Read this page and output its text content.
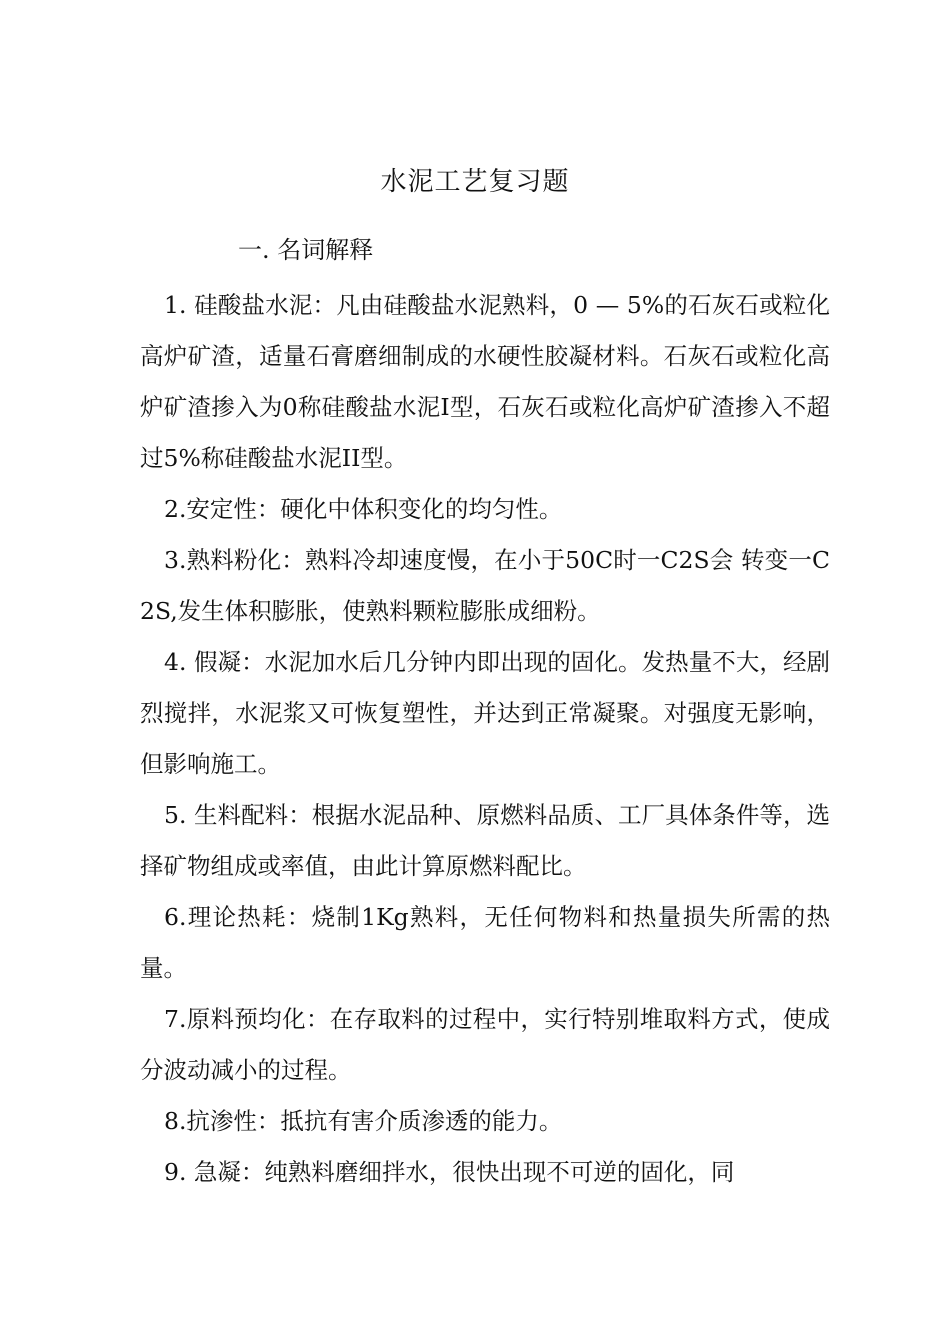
水泥工艺复习题
一. 名词解释

1. 硅酸盐水泥：凡由硅酸盐水泥熟料，0 — 5%的石灰石或粒化高炉矿渣，适量石膏磨细制成的水硬性胶凝材料。石灰石或粒化高炉矿渣掺入为0称硅酸盐水泥I型，石灰石或粒化高炉矿渣掺入不超过5%称硅酸盐水泥II型。

2.安定性：硬化中体积变化的均匀性。

3.熟料粉化：熟料冷却速度慢，在小于50C时一C2S会 转变一C2S,发生体积膨胀，使熟料颗粒膨胀成细粉。

4. 假凝：水泥加水后几分钟内即出现的固化。发热量不大，经剧烈搅拌，水泥浆又可恢复塑性，并达到正常凝聚。对强度无影响，但影响施工。

5. 生料配料：根据水泥品种、原燃料品质、工厂具体条件等，选择矿物组成或率值，由此计算原燃料配比。

6.理论热耗：烧制1Kg熟料，无任何物料和热量损失所需的热量。

7.原料预均化：在存取料的过程中，实行特别堆取料方式，使成分波动减小的过程。

8.抗渗性：抵抗有害介质渗透的能力。

9. 急凝：纯熟料磨细拌水，很快出现不可逆的固化，同
